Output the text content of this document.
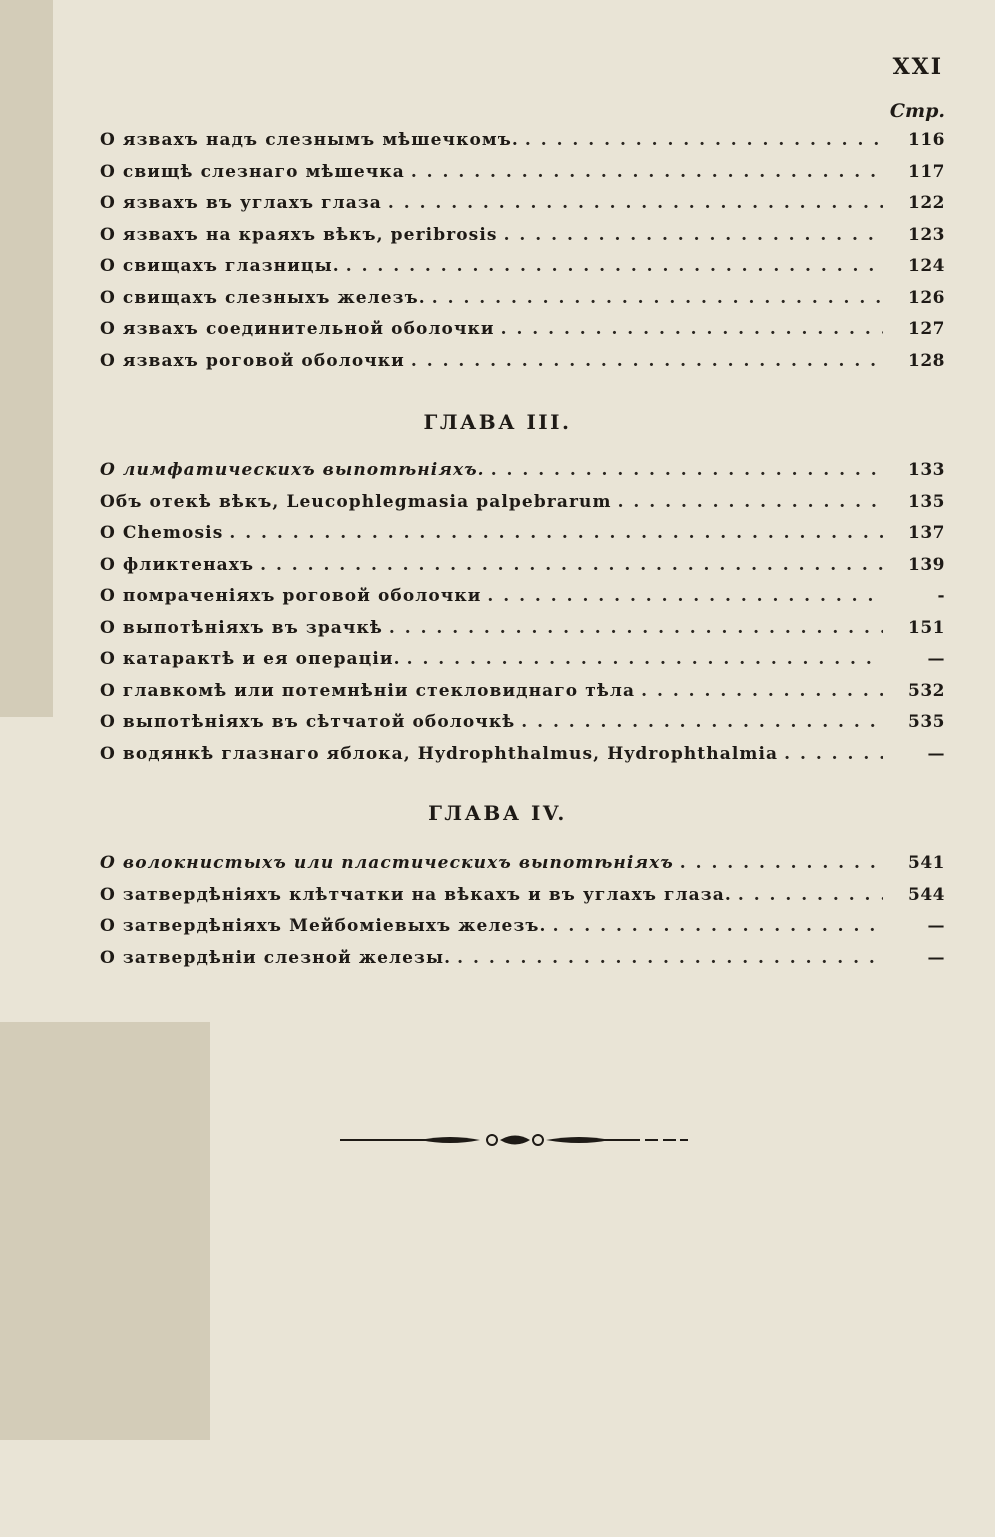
XXI
Стр.
О язвахъ надъ слезнымъ мѣшечкомъ. . . .	116
О свищѣ слезнаго мѣшечка . . .	117
О язвахъ въ углахъ глаза . . .	122
О язвахъ на краяхъ вѣкъ, peribrosis . . .	123
О свищахъ глазницы. . . .	124
О свищахъ слезныхъ железъ. . . .	126
О язвахъ соединительной оболочки . . .	127
О язвахъ роговой оболочки . . .	128
ГЛАВА III.
О лимфатическихъ выпотѣніяхъ. . . .	133
Объ отекѣ вѣкъ, Leucophlegmasia palpebrarum . . .	135
О Chemosis . . .	137
О фликтенахъ . . .	139
О помраченіяхъ роговой оболочки . . .	-
О выпотѣніяхъ въ зрачкѣ . . .	151
О катарактѣ и ея операціи. . . .	—
О главкомѣ или потемнѣніи стекловиднаго тѣла . . .	532
О выпотѣніяхъ въ сѣтчатой оболочкѣ . . .	535
О водянкѣ глазнаго яблока, Hydrophthalmus, Hydrophthalmia . . .	—
ГЛАВА IV.
О волокнистыхъ или пластическихъ выпотѣніяхъ . . .	541
О затвердѣніяхъ клѣтчатки на вѣкахъ и въ углахъ глаза. . . .	544
О затвердѣніяхъ Мейбоміевыхъ железъ. . . .	—
О затвердѣніи слезной железы. . . .	—
